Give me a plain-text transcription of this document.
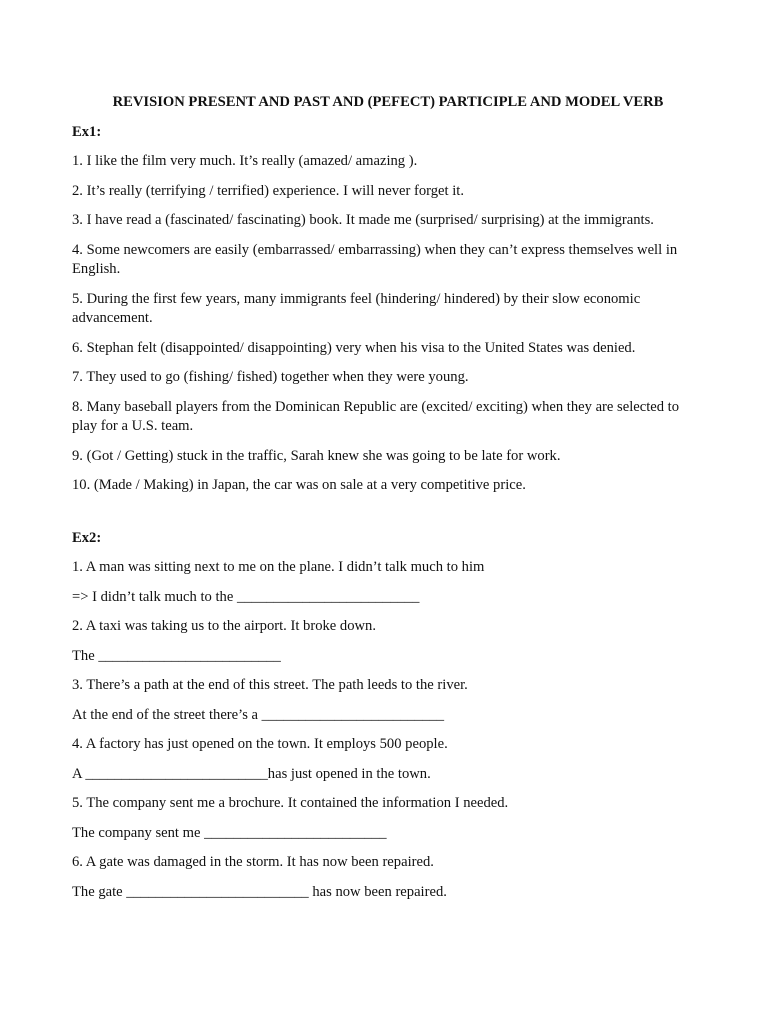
REVISION PRESENT AND PAST AND (PEFECT) PARTICIPLE AND MODEL VERB

Ex1:

1. I like the film very much. It’s really (amazed/ amazing ).

2. It’s really (terrifying / terrified) experience. I will never forget it.

3. I have read a (fascinated/ fascinating) book. It made me (surprised/ surprising) at the immigrants.

4. Some newcomers are easily (embarrassed/ embarrassing) when they can’t express themselves well in English.

5. During the first few years, many immigrants feel (hindering/ hindered) by their slow economic advancement.

6. Stephan felt (disappointed/ disappointing) very when his visa to the United States was denied.

7. They used to go (fishing/ fished) together when they were young.

8. Many baseball players from the Dominican Republic are (excited/ exciting) when they are selected to play for a U.S. team.

9. (Got / Getting) stuck in the traffic, Sarah knew she was going to be late for work.

10. (Made / Making) in Japan, the car was on sale at a very competitive price.

Ex2:

1. A man was sitting next to me on the plane. I didn’t talk much to him

=> I didn’t talk much to the _________________________

2. A taxi was taking us to the airport. It broke down.

The _________________________

3. There’s a path at the end of this street. The path leeds to the river.

At the end of the street there’s a _________________________

4. A factory has just opened on the town. It employs 500 people.

A _________________________has just opened in the town.

5. The company sent me a brochure. It contained the information I needed.

The company sent me _________________________

6. A gate was damaged in the storm. It has now been repaired.

The gate _________________________ has now been repaired.
